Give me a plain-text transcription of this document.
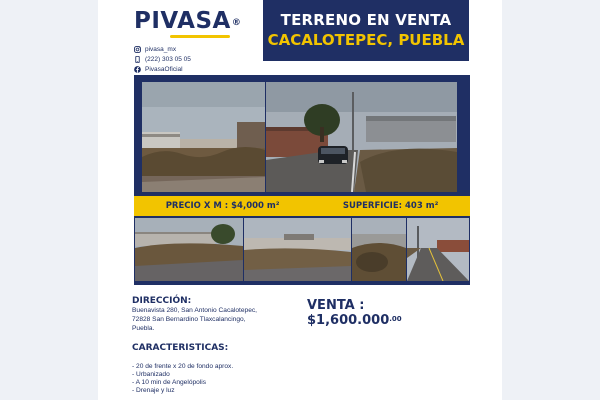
PIVASA®
pivasa_mx
(222) 303 05 05
PivasaOficial
TERRENO EN VENTA
CACALOTEPEC, PUEBLA
PRECIO X M : $4,000 m²	SUPERFICIE: 403 m²
DIRECCIÓN:
Buenavista 280, San Antonio Cacalotepec,
72828 San Bernardino Tlaxcalancingo,
Puebla.
CARACTERISTICAS:
- 20 de frente x 20 de fondo aprox.
- Urbanizado
- A 10 min de Angelópolis
- Drenaje y luz
VENTA :
$\$1,600.000^{.00}$
